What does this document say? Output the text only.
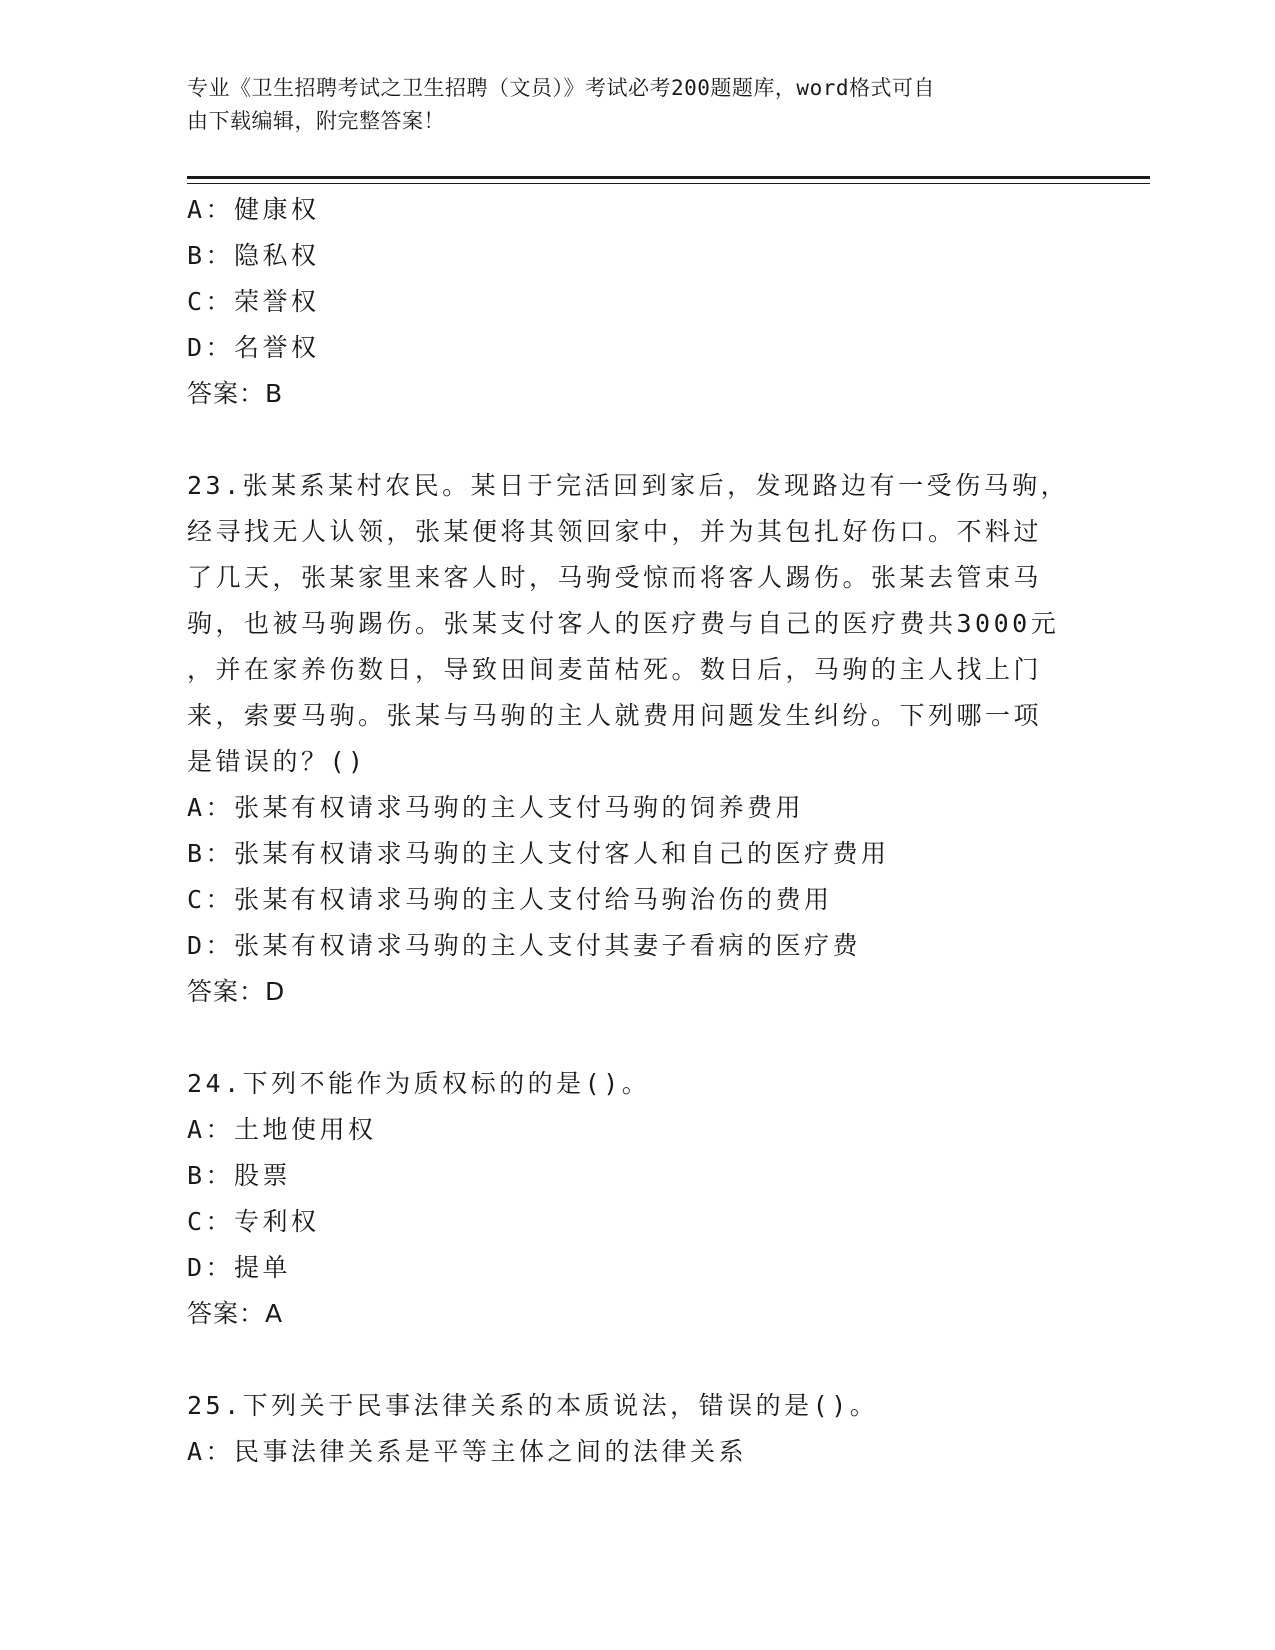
专业《卫生招聘考试之卫生招聘（文员）》考试必考200题题库，word格式可自
由下载编辑，附完整答案！
A：健康权
B：隐私权
C：荣誉权
D：名誉权
答案：B
23.张某系某村农民。某日于完活回到家后，发现路边有一受伤马驹，
经寻找无人认领，张某便将其领回家中，并为其包扎好伤口。不料过
了几天，张某家里来客人时，马驹受惊而将客人踢伤。张某去管束马
驹，也被马驹踢伤。张某支付客人的医疗费与自己的医疗费共3000元
，并在家养伤数日，导致田间麦苗枯死。数日后，马驹的主人找上门
来，索要马驹。张某与马驹的主人就费用问题发生纠纷。下列哪一项
是错误的？()
A：张某有权请求马驹的主人支付马驹的饲养费用
B：张某有权请求马驹的主人支付客人和自己的医疗费用
C：张某有权请求马驹的主人支付给马驹治伤的费用
D：张某有权请求马驹的主人支付其妻子看病的医疗费
答案：D
24.下列不能作为质权标的的是()。
A：土地使用权
B：股票
C：专利权
D：提单
答案：A
25.下列关于民事法律关系的本质说法，错误的是()。
A：民事法律关系是平等主体之间的法律关系
